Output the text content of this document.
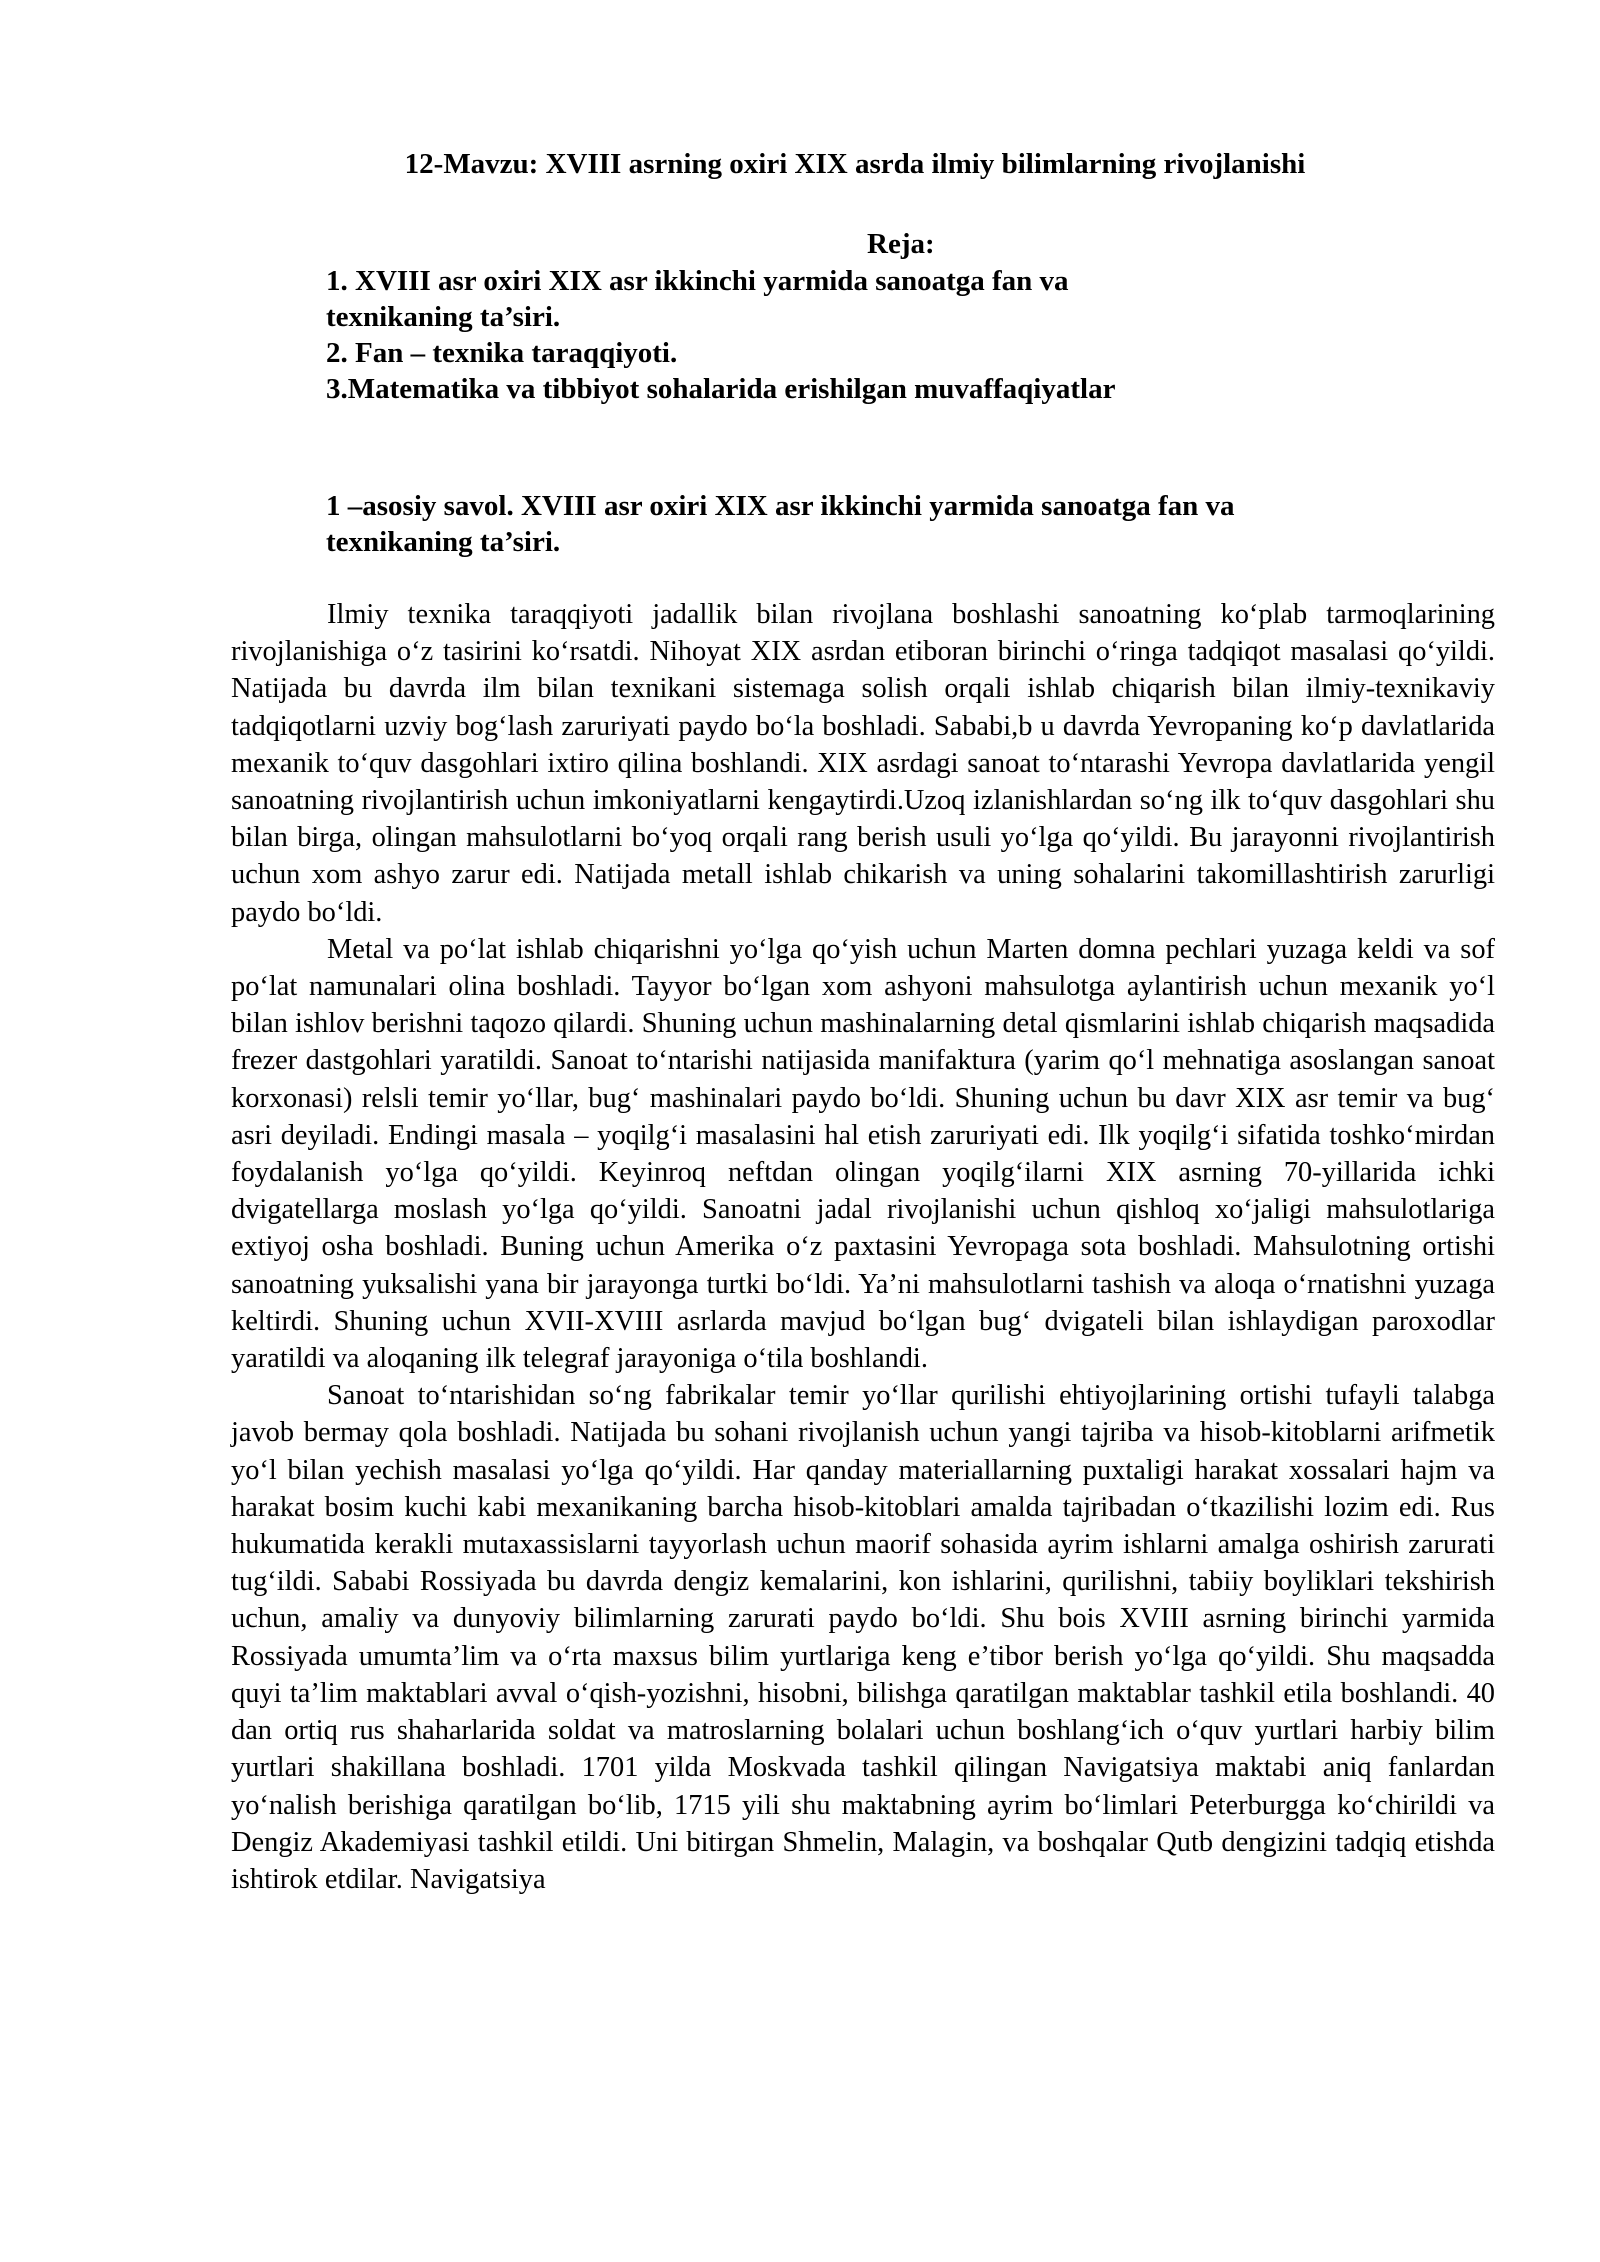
12-Mavzu: XVIII asrning oxiri XIX asrda ilmiy bilimlarning rivojlanishi
Reja:
1. XVIII asr oxiri XIX asr ikkinchi yarmida sanoatga fan va texnikaning ta’siri.
2. Fan – texnika taraqqiyoti.
3.Matematika va tibbiyot sohalarida erishilgan muvaffaqiyatlar
1 –asosiy savol. XVIII asr oxiri XIX asr ikkinchi yarmida sanoatga fan va texnikaning ta’siri.

Ilmiy texnika taraqqiyoti jadallik bilan rivojlana boshlashi sanoatning ko‘plab tarmoqlarining rivojlanishiga o‘z tasirini ko‘rsatdi. Nihoyat XIX asrdan etiboran birinchi o‘ringa tadqiqot masalasi qo‘yildi. Natijada bu davrda ilm bilan texnikani sistemaga solish orqali ishlab chiqarish bilan ilmiy-texnikaviy tadqiqotlarni uzviy bog‘lash zaruriyati paydo bo‘la boshladi. Sababi,b u davrda Yevropaning ko‘p davlatlarida mexanik to‘quv dasgohlari ixtiro qilina boshlandi. XIX asrdagi sanoat to‘ntarashi Yevropa davlatlarida yengil sanoatning rivojlantirish uchun imkoniyatlarni kengaytirdi.Uzoq izlanishlardan so‘ng ilk to‘quv dasgohlari shu bilan birga, olingan mahsulotlarni bo‘yoq orqali rang berish usuli yo‘lga qo‘yildi. Bu jarayonni rivojlantirish uchun xom ashyo zarur edi. Natijada metall ishlab chikarish va uning sohalarini takomillashtirish zarurligi paydo bo‘ldi.

Metal va po‘lat ishlab chiqarishni yo‘lga qo‘yish uchun Marten domna pechlari yuzaga keldi va sof po‘lat namunalari olina boshladi. Tayyor bo‘lgan xom ashyoni mahsulotga aylantirish uchun mexanik yo‘l bilan ishlov berishni taqozo qilardi. Shuning uchun mashinalarning detal qismlarini ishlab chiqarish maqsadida frezer dastgohlari yaratildi. Sanoat to‘ntarishi natijasida manifaktura (yarim qo‘l mehnatiga asoslangan sanoat korxonasi) relsli temir yo‘llar, bug‘ mashinalari paydo bo‘ldi. Shuning uchun bu davr XIX asr temir va bug‘ asri deyiladi. Endingi masala – yoqilg‘i masalasini hal etish zaruriyati edi. Ilk yoqilg‘i sifatida toshko‘mirdan foydalanish yo‘lga qo‘yildi. Keyinroq neftdan olingan yoqilg‘ilarni XIX asrning 70-yillarida ichki dvigatellarga moslash yo‘lga qo‘yildi. Sanoatni jadal rivojlanishi uchun qishloq xo‘jaligi mahsulotlariga extiyoj osha boshladi. Buning uchun Amerika o‘z paxtasini Yevropaga sota boshladi. Mahsulotning ortishi sanoatning yuksalishi yana bir jarayonga turtki bo‘ldi. Ya’ni mahsulotlarni tashish va aloqa o‘rnatishni yuzaga keltirdi. Shuning uchun XVII-XVIII asrlarda mavjud bo‘lgan bug‘ dvigateli bilan ishlaydigan paroxodlar yaratildi va aloqaning ilk telegraf jarayoniga o‘tila boshlandi.

Sanoat to‘ntarishidan so‘ng fabrikalar temir yo‘llar qurilishi ehtiyojlarining ortishi tufayli talabga javob bermay qola boshladi. Natijada bu sohani rivojlanish uchun yangi tajriba va hisob-kitoblarni arifmetik yo‘l bilan yechish masalasi yo‘lga qo‘yildi. Har qanday materiallarning puxtaligi harakat xossalari hajm va harakat bosim kuchi kabi mexanikaning barcha hisob-kitoblari amalda tajribadan o‘tkazilishi lozim edi. Rus hukumatida kerakli mutaxassislarni tayyorlash uchun maorif sohasida ayrim ishlarni amalga oshirish zarurati tug‘ildi. Sababi Rossiyada bu davrda dengiz kemalarini, kon ishlarini, qurilishni, tabiiy boyliklari tekshirish uchun, amaliy va dunyoviy bilimlarning zarurati paydo bo‘ldi. Shu bois XVIII asrning birinchi yarmida Rossiyada umumta’lim va o‘rta maxsus bilim yurtlariga keng e’tibor berish yo‘lga qo‘yildi. Shu maqsadda quyi ta’lim maktablari avval o‘qish-yozishni, hisobni, bilishga qaratilgan maktablar tashkil etila boshlandi. 40 dan ortiq rus shaharlarida soldat va matroslarning bolalari uchun boshlang‘ich o‘quv yurtlari harbiy bilim yurtlari shakillana boshladi. 1701 yilda Moskvada tashkil qilingan Navigatsiya maktabi aniq fanlardan yo‘nalish berishiga qaratilgan bo‘lib, 1715 yili shu maktabning ayrim bo‘limlari Peterburgga ko‘chirildi va Dengiz Akademiyasi tashkil etildi. Uni bitirgan Shmelin, Malagin, va boshqalar Qutb dengizini tadqiq etishda ishtirok etdilar. Navigatsiya
